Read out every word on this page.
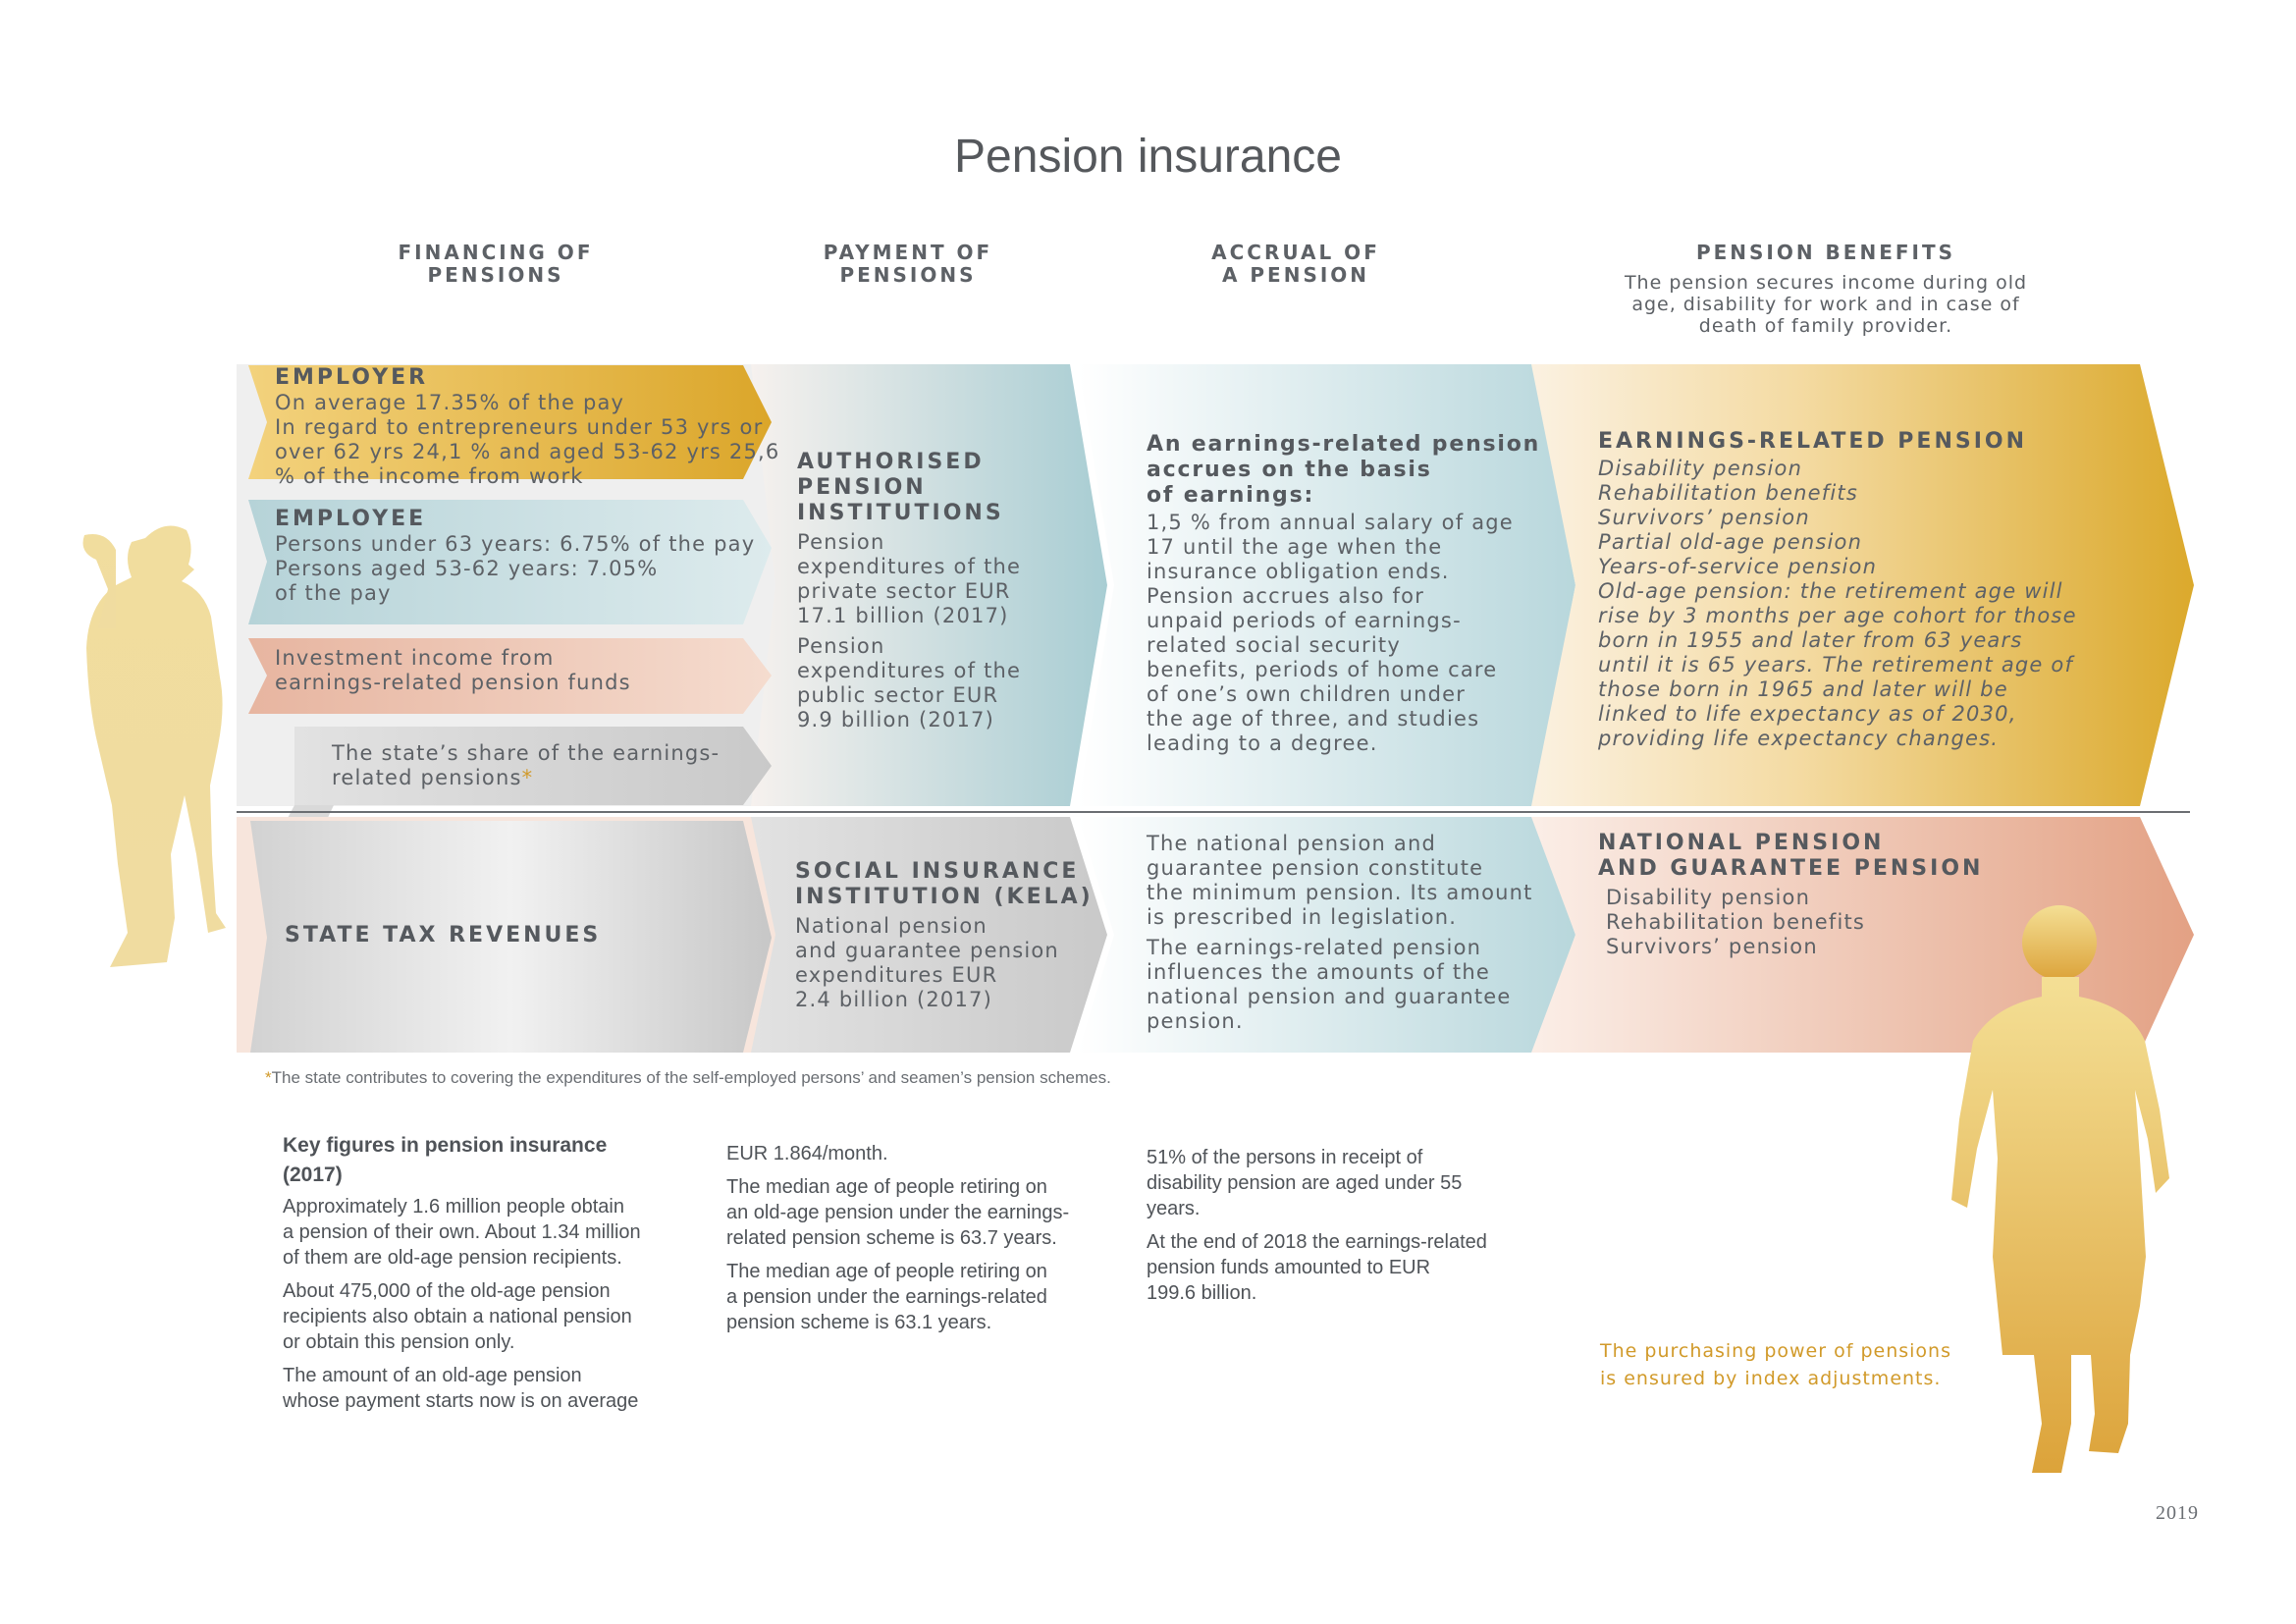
Pension insurance
FINANCING OF PENSIONS
PAYMENT OF PENSIONS
ACCRUAL OF A PENSION
PENSION BENEFITS
The pension secures income during old age, disability for work and in case of death of family provider.
EMPLOYER
On average 17.35% of the pay
In regard to entrepreneurs under 53 yrs or
over 62 yrs 24,1 % and aged 53-62 yrs 25,6
% of the income from work
EMPLOYEE
Persons under 63 years: 6.75% of the pay
Persons aged 53-62 years: 7.05%
of the pay
Investment income from
earnings-related pension funds
The state’s share of the earnings-
related pensions*
STATE TAX REVENUES
AUTHORISED
PENSION
INSTITUTIONS
Pension
expenditures of the
private sector EUR
17.1 billion (2017)
Pension
expenditures of the
public sector EUR
9.9 billion (2017)
SOCIAL INSURANCE
INSTITUTION (KELA)
National pension
and guarantee pension
expenditures EUR
2.4 billion (2017)
An earnings-related pension
accrues on the basis
of earnings:
1,5 % from annual salary of age
17 until the age when the
insurance obligation ends.
Pension accrues also for
unpaid periods of earnings-
related social security
benefits, periods of home care
of one’s own children under
the age of three, and studies
leading to a degree.
The national pension and
guarantee pension constitute
the minimum pension. Its amount
is prescribed in legislation.
The earnings-related pension
influences the amounts of the
national pension and guarantee
pension.
EARNINGS-RELATED PENSION
Disability pension
Rehabilitation benefits
Survivors’ pension
Partial old-age pension
Years-of-service pension
Old-age pension: the retirement age will
rise by 3 months per age cohort for those
born in 1955 and later from 63 years
until it is 65 years. The retirement age of
those born in 1965 and later will be
linked to life expectancy as of 2030,
providing life expectancy changes.
NATIONAL PENSION
AND GUARANTEE PENSION
Disability pension
Rehabilitation benefits
Survivors’ pension
*The state contributes to covering the expenditures of the self-employed persons’ and seamen’s pension schemes.

Key figures in pension insurance
(2017)

Approximately 1.6 million people obtain
a pension of their own. About 1.34 million
of them are old-age pension recipients.

About 475,000 of the old-age pension
recipients also obtain a national pension
or obtain this pension only.

The amount of an old-age pension
whose payment starts now is on average

EUR 1.864/month.

The median age of people retiring on
an old-age pension under the earnings-
related pension scheme is 63.7 years.

The median age of people retiring on
a pension under the earnings-related
pension scheme is 63.1 years.

51% of the persons in receipt of
disability pension are aged under 55
years.

At the end of 2018 the earnings-related
pension funds amounted to EUR
199.6 billion.

The purchasing power of pensions
is ensured by index adjustments.
2019
